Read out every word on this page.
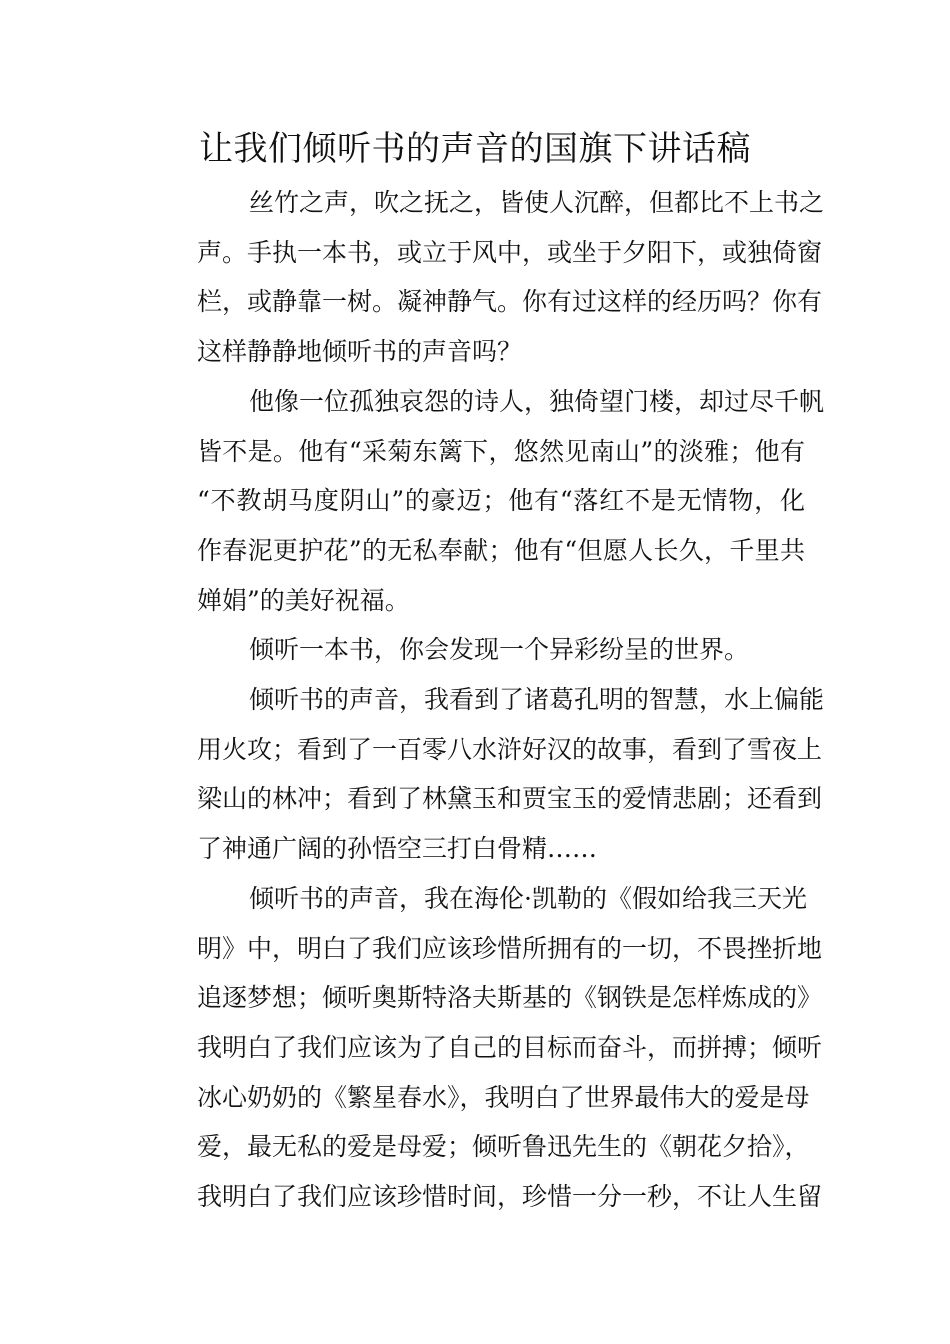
让我们倾听书的声音的国旗下讲话稿
丝竹之声，吹之抚之，皆使人沉醉，但都比不上书之
声。手执一本书，或立于风中，或坐于夕阳下，或独倚窗
栏，或静靠一树。凝神静气。你有过这样的经历吗？你有
这样静静地倾听书的声音吗？
他像一位孤独哀怨的诗人，独倚望门楼，却过尽千帆
皆不是。他有“采菊东篱下，悠然见南山”的淡雅；他有
“不教胡马度阴山”的豪迈；他有“落红不是无情物，化
作春泥更护花”的无私奉献；他有“但愿人长久，千里共
婵娟”的美好祝福。
倾听一本书，你会发现一个异彩纷呈的世界。
倾听书的声音，我看到了诸葛孔明的智慧，水上偏能
用火攻；看到了一百零八水浒好汉的故事，看到了雪夜上
梁山的林冲；看到了林黛玉和贾宝玉的爱情悲剧；还看到
了神通广阔的孙悟空三打白骨精……
倾听书的声音，我在海伦·凯勒的《假如给我三天光
明》中，明白了我们应该珍惜所拥有的一切，不畏挫折地
追逐梦想；倾听奥斯特洛夫斯基的《钢铁是怎样炼成的》
我明白了我们应该为了自己的目标而奋斗，而拼搏；倾听
冰心奶奶的《繁星春水》，我明白了世界最伟大的爱是母
爱，最无私的爱是母爱；倾听鲁迅先生的《朝花夕拾》，
我明白了我们应该珍惜时间，珍惜一分一秒，不让人生留
